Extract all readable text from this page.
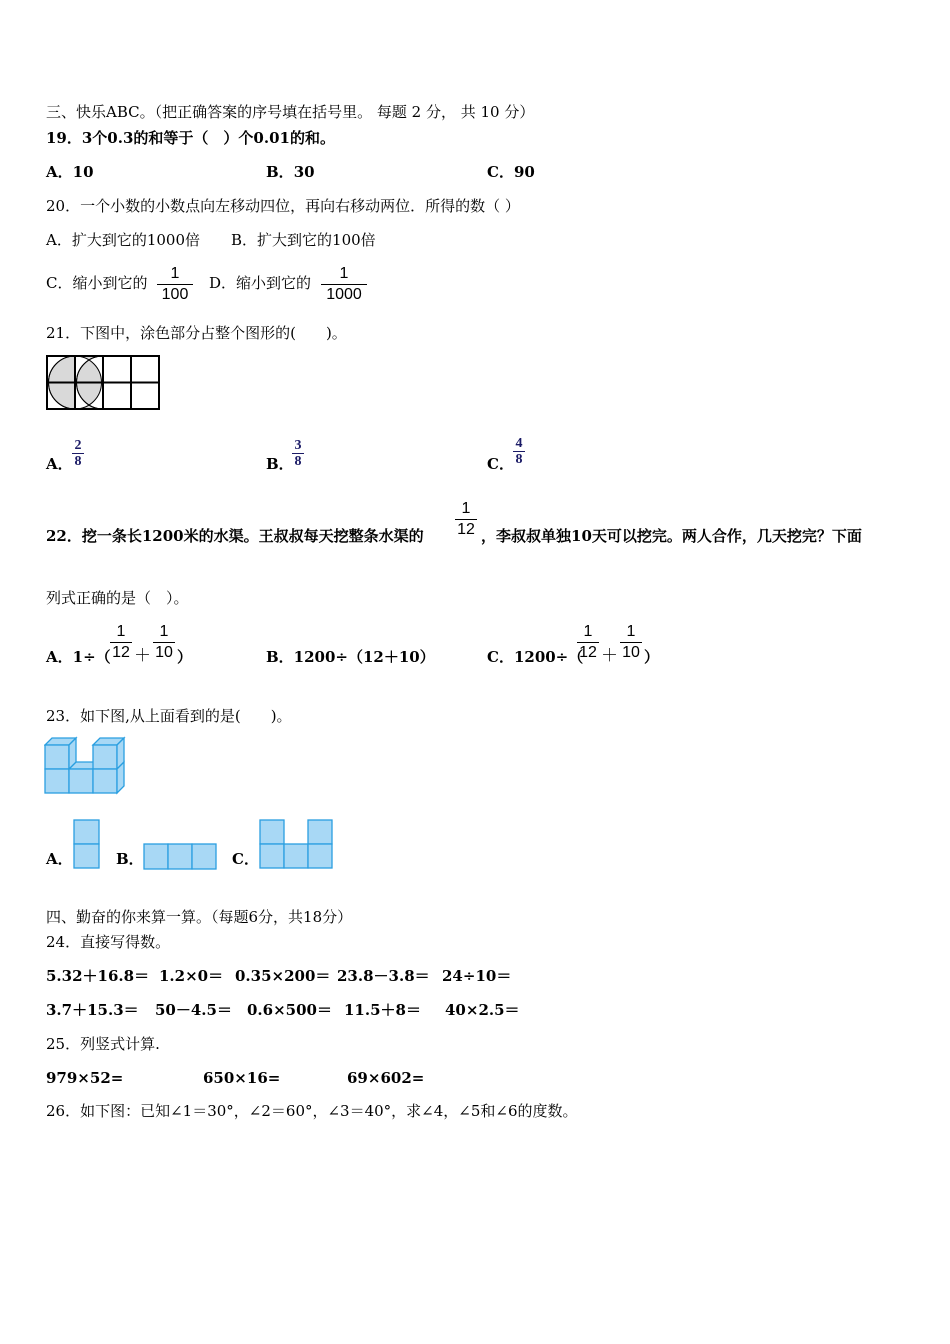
三、快乐ABC。（把正确答案的序号填在括号里。 每题 2 分， 共 10 分）
19．3个0.3的和等于（　）个0.01的和。
A．10	B．30	C．90
20．一个小数的小数点向左移动四位，再向右移动两位．所得的数（ ）
A．扩大到它的1000倍 B．扩大到它的100倍
C．缩小到它的
1
100
D．缩小到它的
1
1000
21．下图中，涂色部分占整个图形的(　　)。
A．
2
8	B．
3
8	C．
4
8
22．挖一条长1200米的水渠。王叔叔每天挖整条水渠的
1
12 ，李叔叔单独10天可以挖完。两人合作，几天挖完？下面
列式正确的是（　）。
A．1÷（
1
12 ＋
1
10 ）	B．1200÷（12＋10）	C．1200÷（
1
12 ＋
1
10 ）
23．如下图,从上面看到的是(　　)。
A．	B．	C．
四、勤奋的你来算一算。（每题6分，共18分）
24．直接写得数。
5.32＋16.8＝ 1.2×0＝ 0.35×200＝ 23.8－3.8＝ 24÷10＝
3.7＋15.3＝ 50－4.5＝ 0.6×500＝ 11.5＋8＝ 40×2.5＝
25．列竖式计算.
979×52=	650×16=	69×602=
26．如下图：已知∠1＝30°，∠2＝60°，∠3＝40°，求∠4，∠5和∠6的度数。
